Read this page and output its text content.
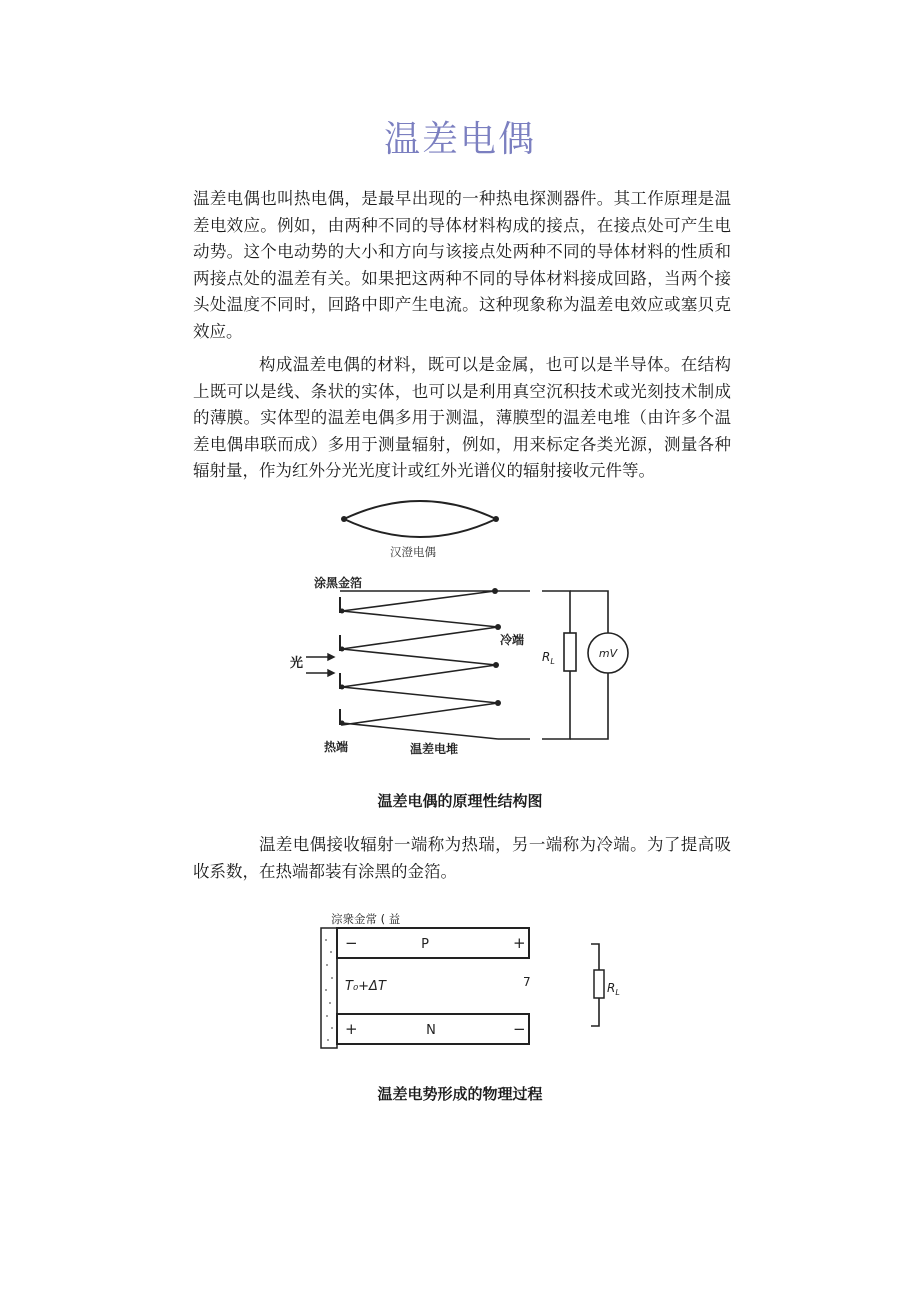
温差电偶

温差电偶也叫热电偶，是最早出现的一种热电探测器件。其工作原理是温差电效应。例如，由两种不同的导体材料构成的接点，在接点处可产生电动势。这个电动势的大小和方向与该接点处两种不同的导体材料的性质和两接点处的温差有关。如果把这两种不同的导体材料接成回路，当两个接头处温度不同时，回路中即产生电流。这种现象称为温差电效应或塞贝克效应。

构成温差电偶的材料，既可以是金属，也可以是半导体。在结构上既可以是线、条状的实体，也可以是利用真空沉积技术或光刻技术制成的薄膜。实体型的温差电偶多用于测温，薄膜型的温差电堆（由许多个温差电偶串联而成）多用于测量辐射，例如，用来标定各类光源，测量各种辐射量，作为红外分光光度计或红外光谱仪的辐射接收元件等。

汉澄电偶
涂黑金箔
$R_L$
mV
冷端
光
热端	温差电堆
温差电偶的原理性结构图

温差电偶接收辐射一端称为热瑞，另一端称为冷端。为了提高吸收系数，在热端都装有涂黑的金箔。

淙衆金常 ( 益
−	P	+
T₀+ΔT	7
+	N	−
$R_L$
温差电势形成的物理过程
